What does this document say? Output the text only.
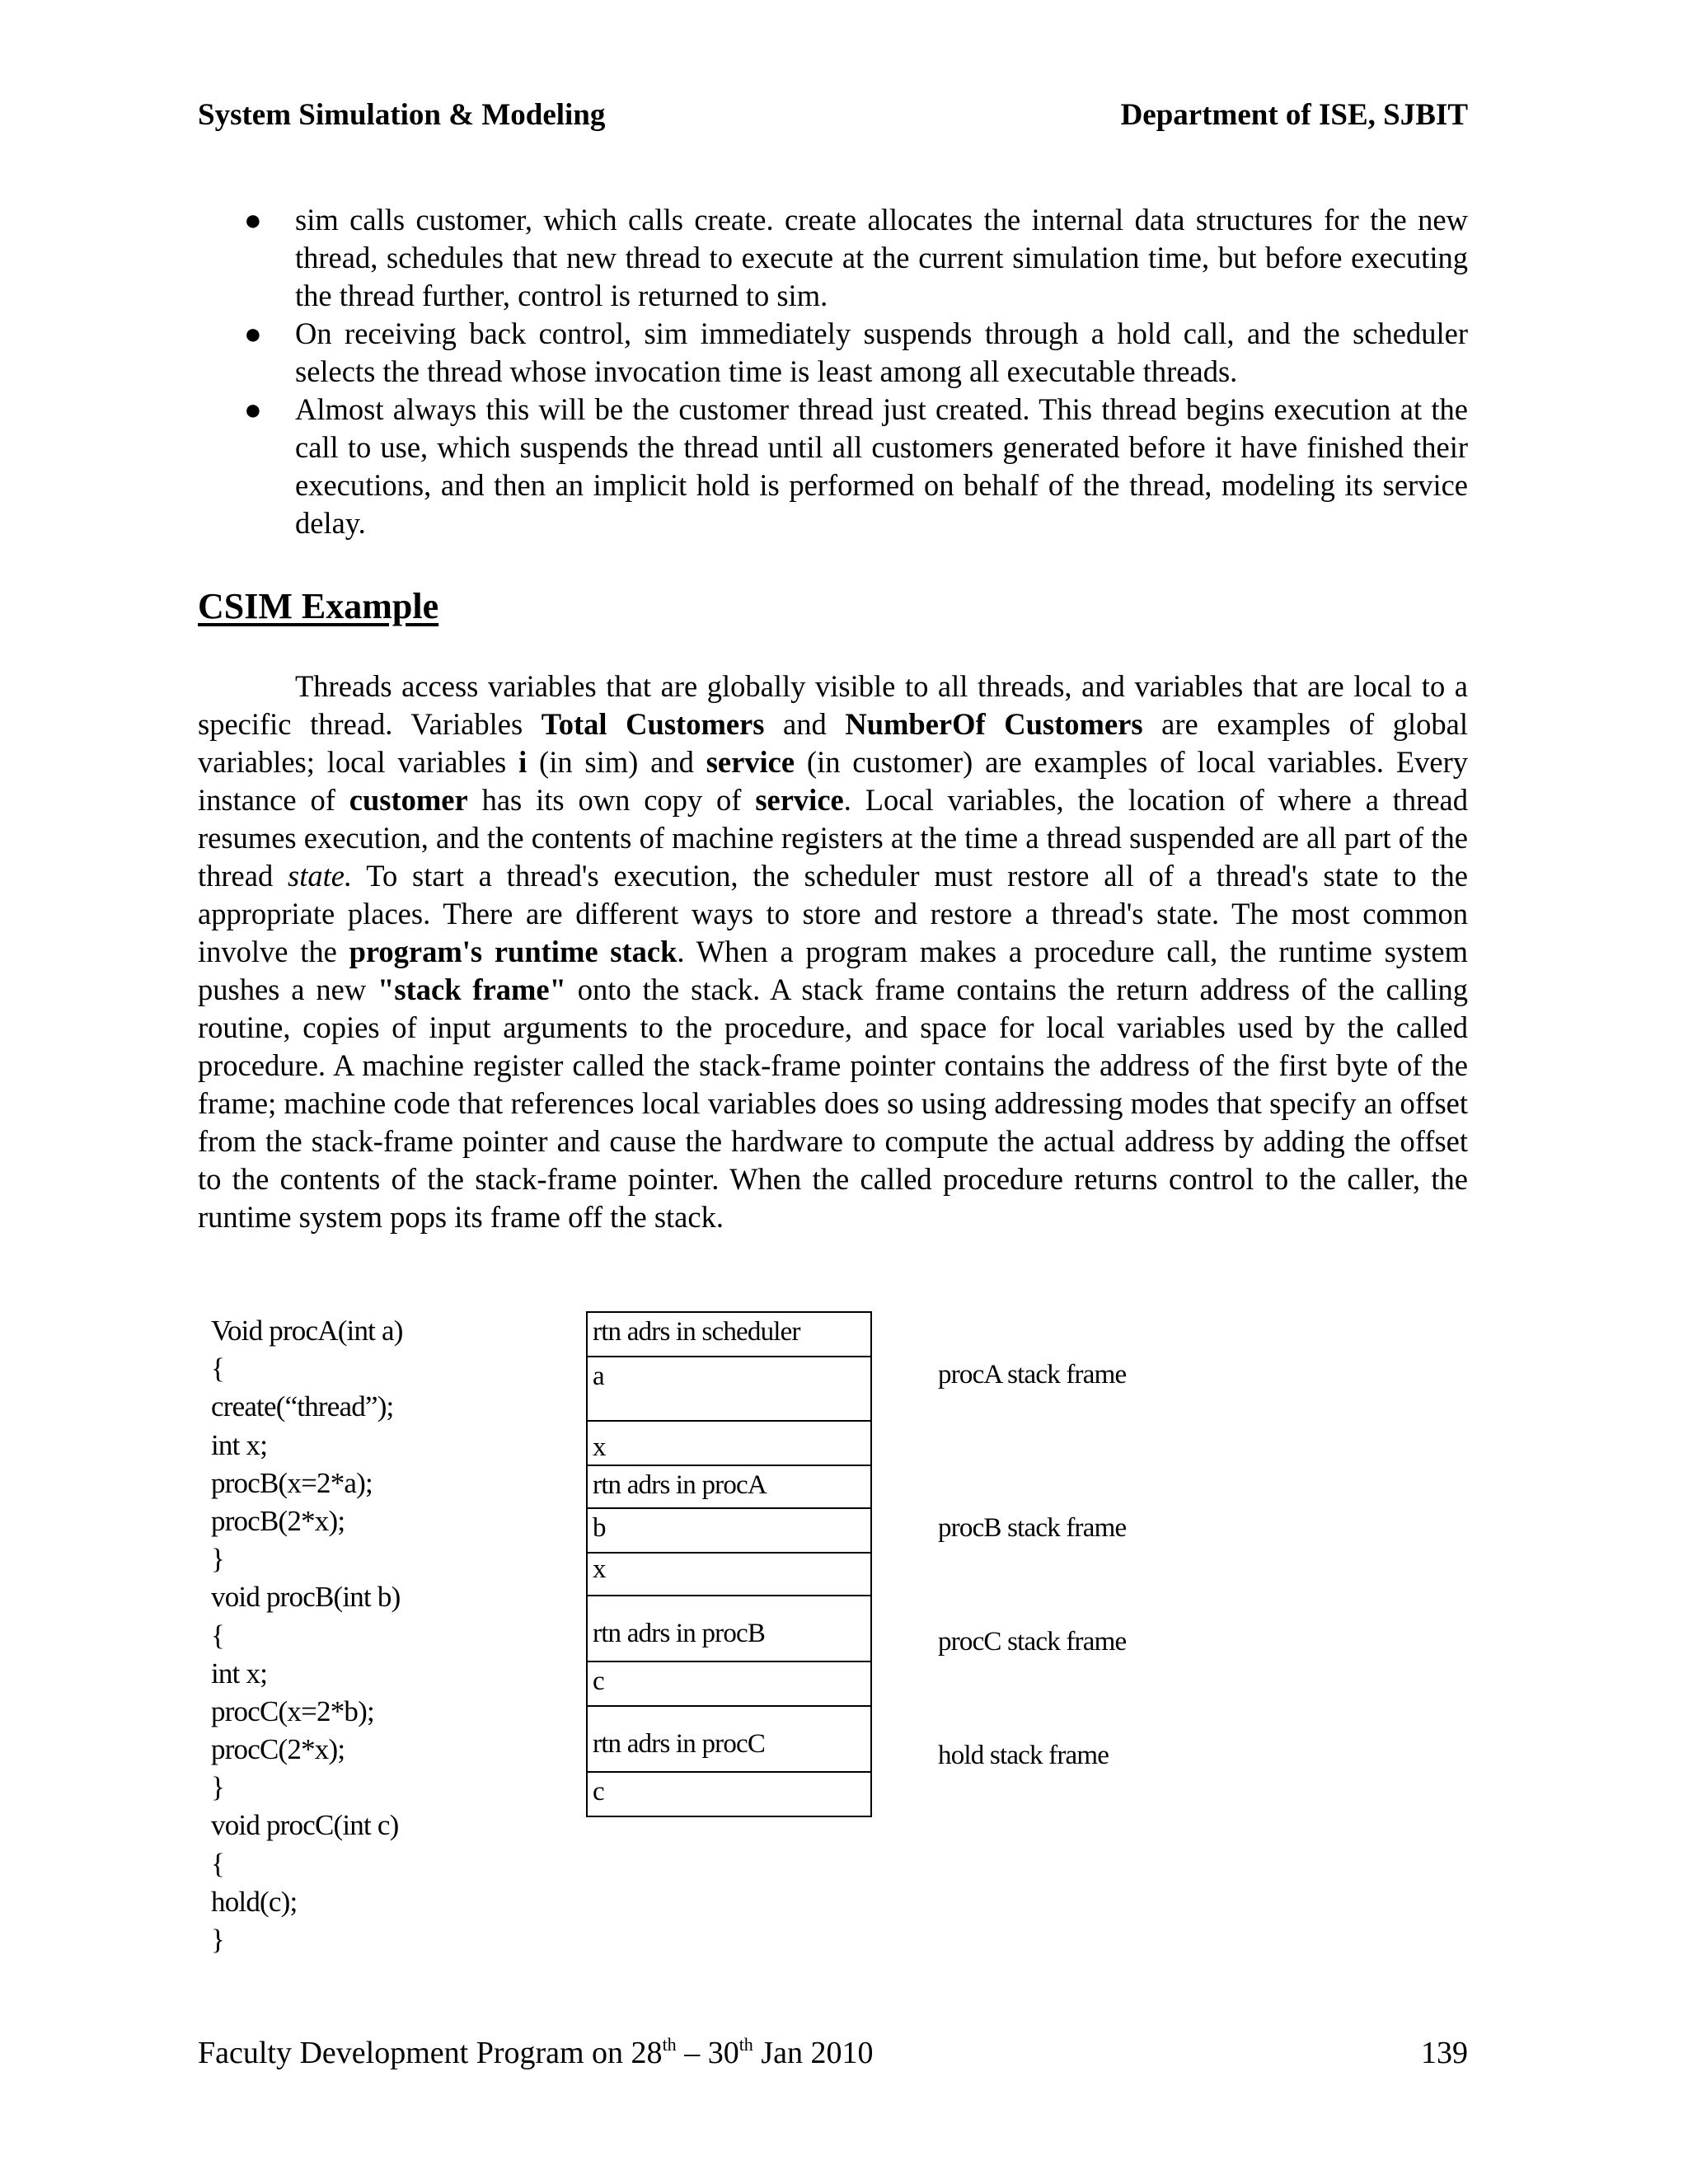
System Simulation & Modeling	Department of ISE, SJBIT
● sim calls customer, which calls create. create allocates the internal data structures for the new thread, schedules that new thread to execute at the current simulation time, but before executing the thread further, control is returned to sim.
● On receiving back control, sim immediately suspends through a hold call, and the scheduler selects the thread whose invocation time is least among all executable threads.
● Almost always this will be the customer thread just created. This thread begins execution at the call to use, which suspends the thread until all customers generated before it have finished their executions, and then an implicit hold is performed on behalf of the thread, modeling its service delay.
CSIM Example

Threads access variables that are globally visible to all threads, and variables that are local to a specific thread. Variables Total Customers and NumberOf Customers are examples of global variables; local variables i (in sim) and service (in customer) are examples of local variables. Every instance of customer has its own copy of service. Local variables, the location of where a thread resumes execution, and the contents of machine registers at the time a thread suspended are all part of the thread state. To start a thread's execution, the scheduler must restore all of a thread's state to the appropriate places. There are different ways to store and restore a thread's state. The most common involve the program's runtime stack. When a program makes a procedure call, the runtime system pushes a new "stack frame" onto the stack. A stack frame contains the return address of the calling routine, copies of input arguments to the procedure, and space for local variables used by the called procedure. A machine register called the stack-frame pointer contains the address of the first byte of the frame; machine code that references local variables does so using addressing modes that specify an offset from the stack-frame pointer and cause the hardware to compute the actual address by adding the offset to the contents of the stack-frame pointer. When the called procedure returns control to the caller, the runtime system pops its frame off the stack.

Void procA(int a)
{
create(“thread”);
int x;
procB(x=2*a);
procB(2*x);
}
void procB(int b)
{
int x;
procC(x=2*b);
procC(2*x);
}
void procC(int c)
{
hold(c);
}
rtn adrs in scheduler
a
x
rtn adrs in procA
b
x
rtn adrs in procB
c
rtn adrs in procC
c
procA stack frame
procB stack frame
procC stack frame
hold stack frame
Faculty Development Program on 28th – 30th Jan 2010	139
